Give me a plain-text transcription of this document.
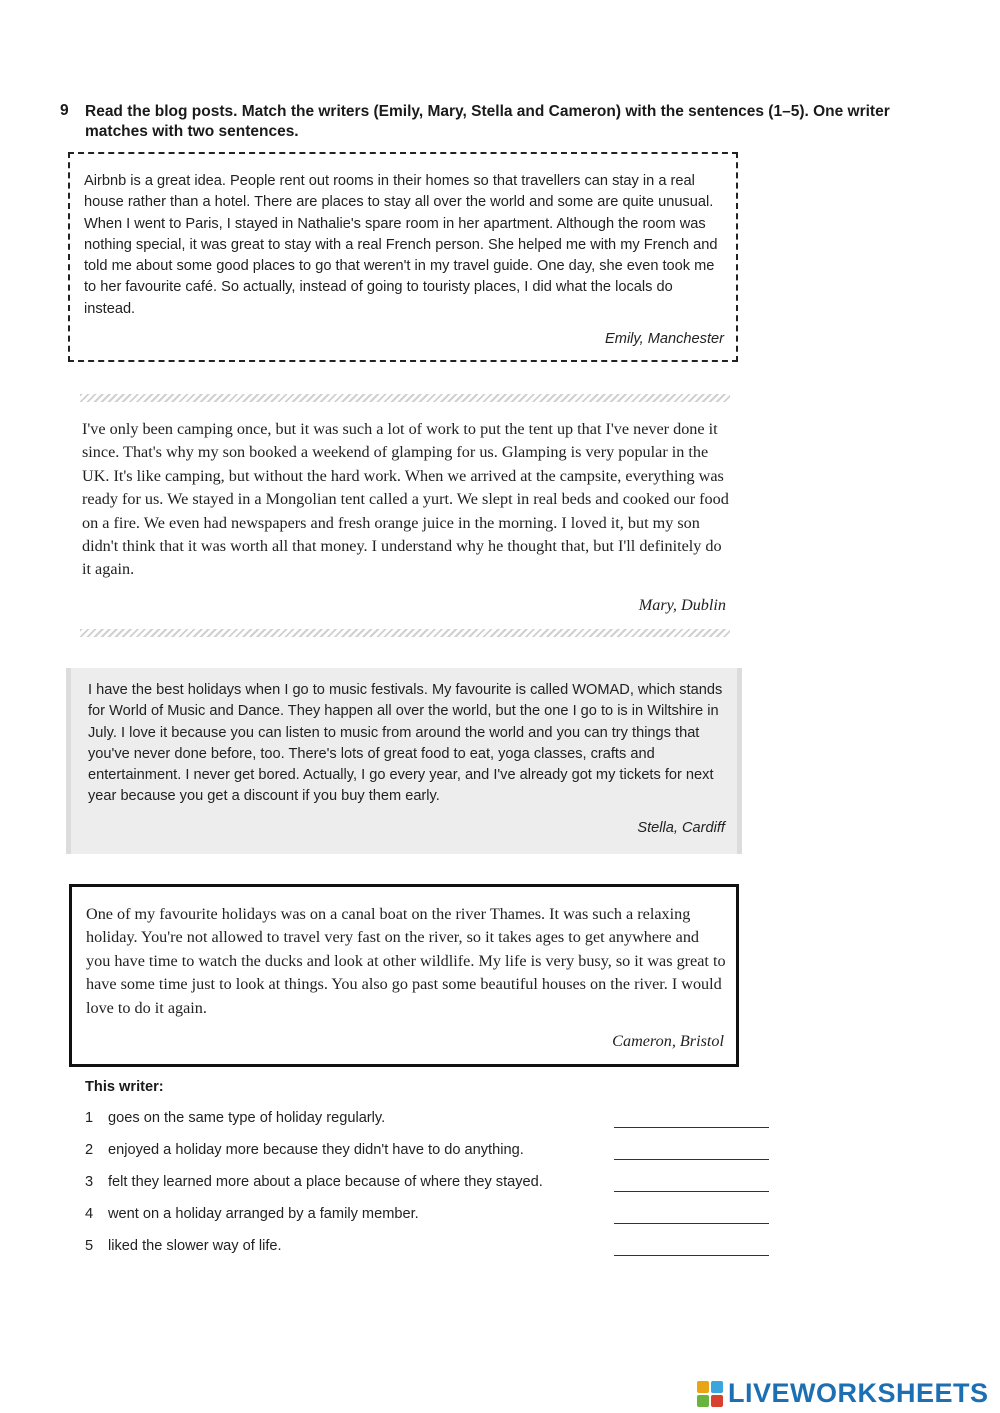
9 Read the blog posts. Match the writers (Emily, Mary, Stella and Cameron) with the sentences (1–5). One writer matches with two sentences.

Airbnb is a great idea. People rent out rooms in their homes so that travellers can stay in a real house rather than a hotel. There are places to stay all over the world and some are quite unusual. When I went to Paris, I stayed in Nathalie's spare room in her apartment. Although the room was nothing special, it was great to stay with a real French person. She helped me with my French and told me about some good places to go that weren't in my travel guide. One day, she even took me to her favourite café. So actually, instead of going to touristy places, I did what the locals do instead.

Emily, Manchester

I've only been camping once, but it was such a lot of work to put the tent up that I've never done it since. That's why my son booked a weekend of glamping for us. Glamping is very popular in the UK. It's like camping, but without the hard work. When we arrived at the campsite, everything was ready for us. We stayed in a Mongolian tent called a yurt. We slept in real beds and cooked our food on a fire. We even had newspapers and fresh orange juice in the morning. I loved it, but my son didn't think that it was worth all that money. I understand why he thought that, but I'll definitely do it again.

Mary, Dublin

I have the best holidays when I go to music festivals. My favourite is called WOMAD, which stands for World of Music and Dance. They happen all over the world, but the one I go to is in Wiltshire in July. I love it because you can listen to music from around the world and you can try things that you've never done before, too. There's lots of great food to eat, yoga classes, crafts and entertainment. I never get bored. Actually, I go every year, and I've already got my tickets for next year because you get a discount if you buy them early.

Stella, Cardiff

One of my favourite holidays was on a canal boat on the river Thames. It was such a relaxing holiday. You're not allowed to travel very fast on the river, so it takes ages to get anywhere and you have time to watch the ducks and look at other wildlife. My life is very busy, so it was great to have some time just to look at things. You also go past some beautiful houses on the river. I would love to do it again.

Cameron, Bristol
This writer:
1 goes on the same type of holiday regularly.
2 enjoyed a holiday more because they didn't have to do anything.
3 felt they learned more about a place because of where they stayed.
4 went on a holiday arranged by a family member.
5 liked the slower way of life.
LIVEWORKSHEETS
